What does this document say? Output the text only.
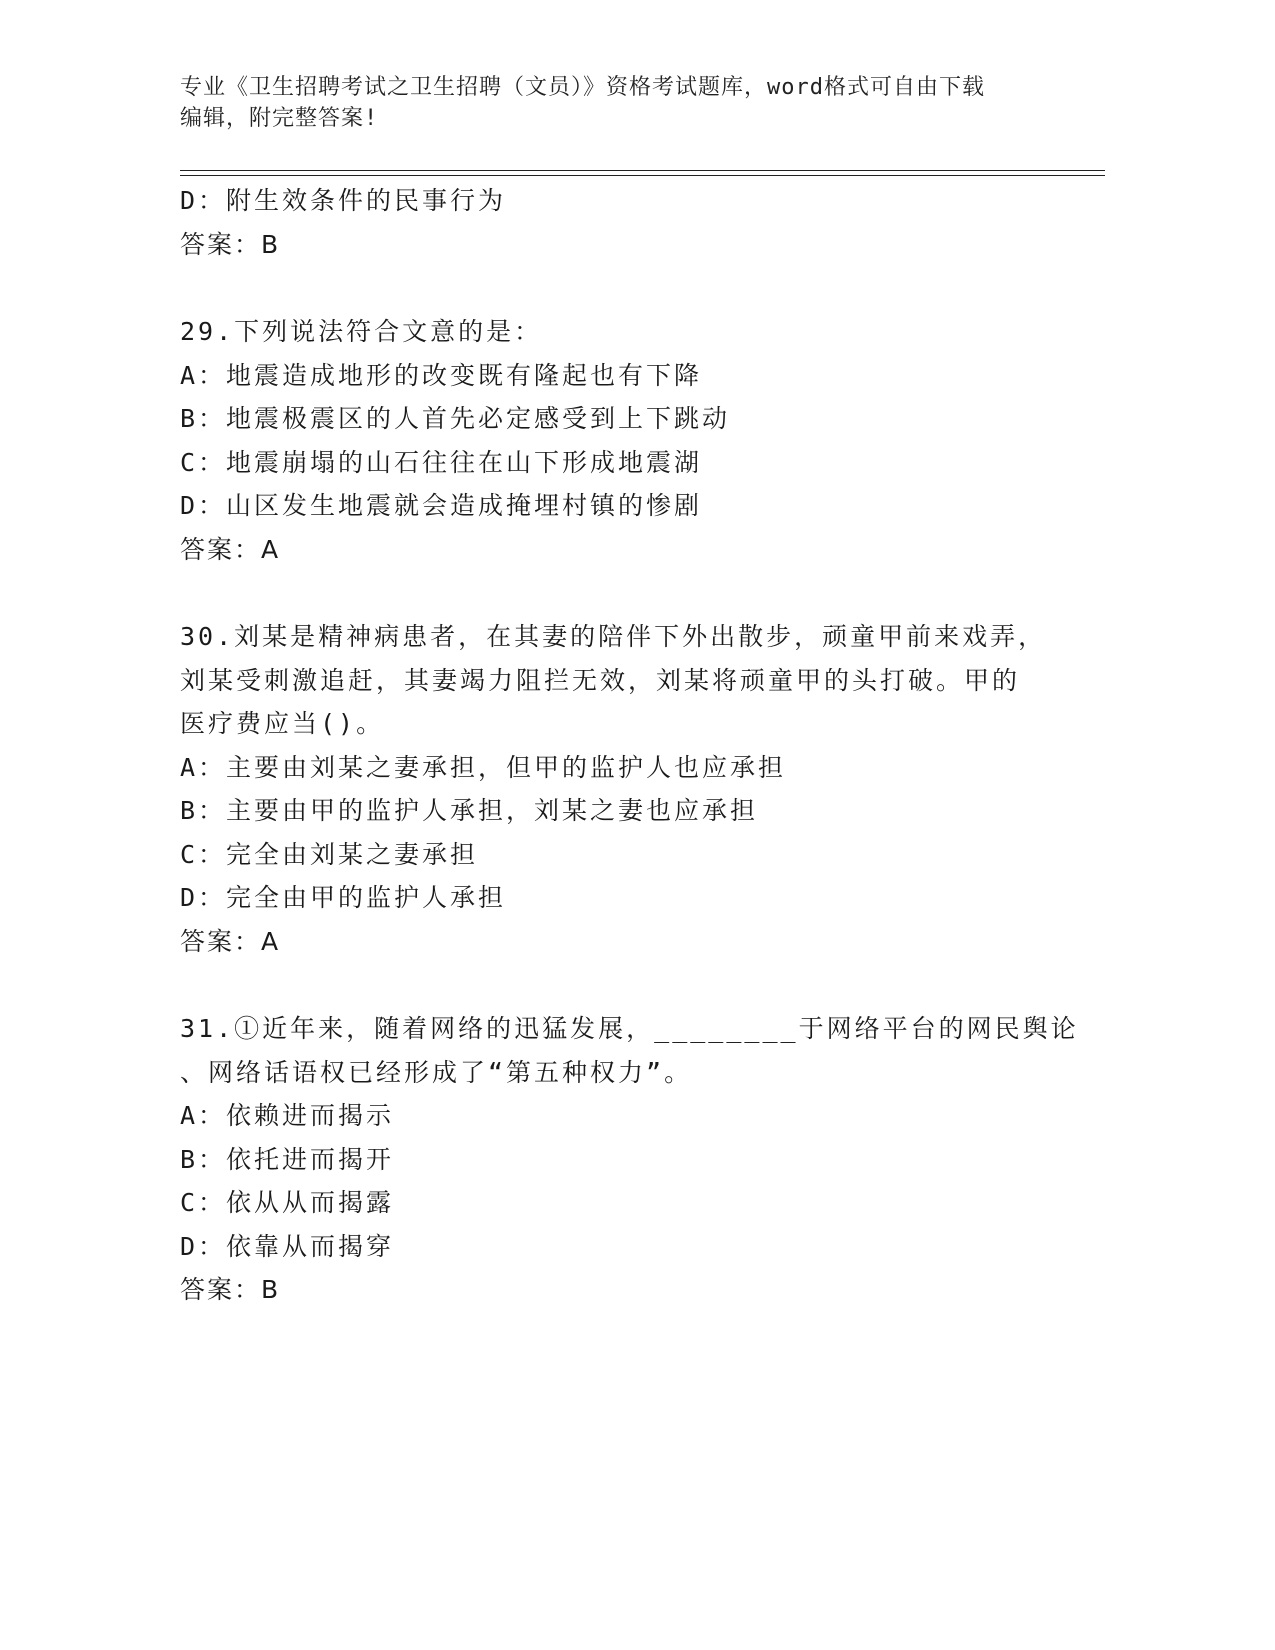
专业《卫生招聘考试之卫生招聘（文员）》资格考试题库，word格式可自由下载
编辑，附完整答案!
D：附生效条件的民事行为
答案：B
29.下列说法符合文意的是：
A：地震造成地形的改变既有隆起也有下降
B：地震极震区的人首先必定感受到上下跳动
C：地震崩塌的山石往往在山下形成地震湖
D：山区发生地震就会造成掩埋村镇的惨剧
答案：A
30.刘某是精神病患者，在其妻的陪伴下外出散步，顽童甲前来戏弄，
刘某受刺激追赶，其妻竭力阻拦无效，刘某将顽童甲的头打破。甲的
医疗费应当()。
A：主要由刘某之妻承担，但甲的监护人也应承担
B：主要由甲的监护人承担，刘某之妻也应承担
C：完全由刘某之妻承担
D：完全由甲的监护人承担
答案：A
31.①近年来，随着网络的迅猛发展，________于网络平台的网民舆论
、网络话语权已经形成了“第五种权力”。
A：依赖进而揭示
B：依托进而揭开
C：依从从而揭露
D：依靠从而揭穿
答案：B
